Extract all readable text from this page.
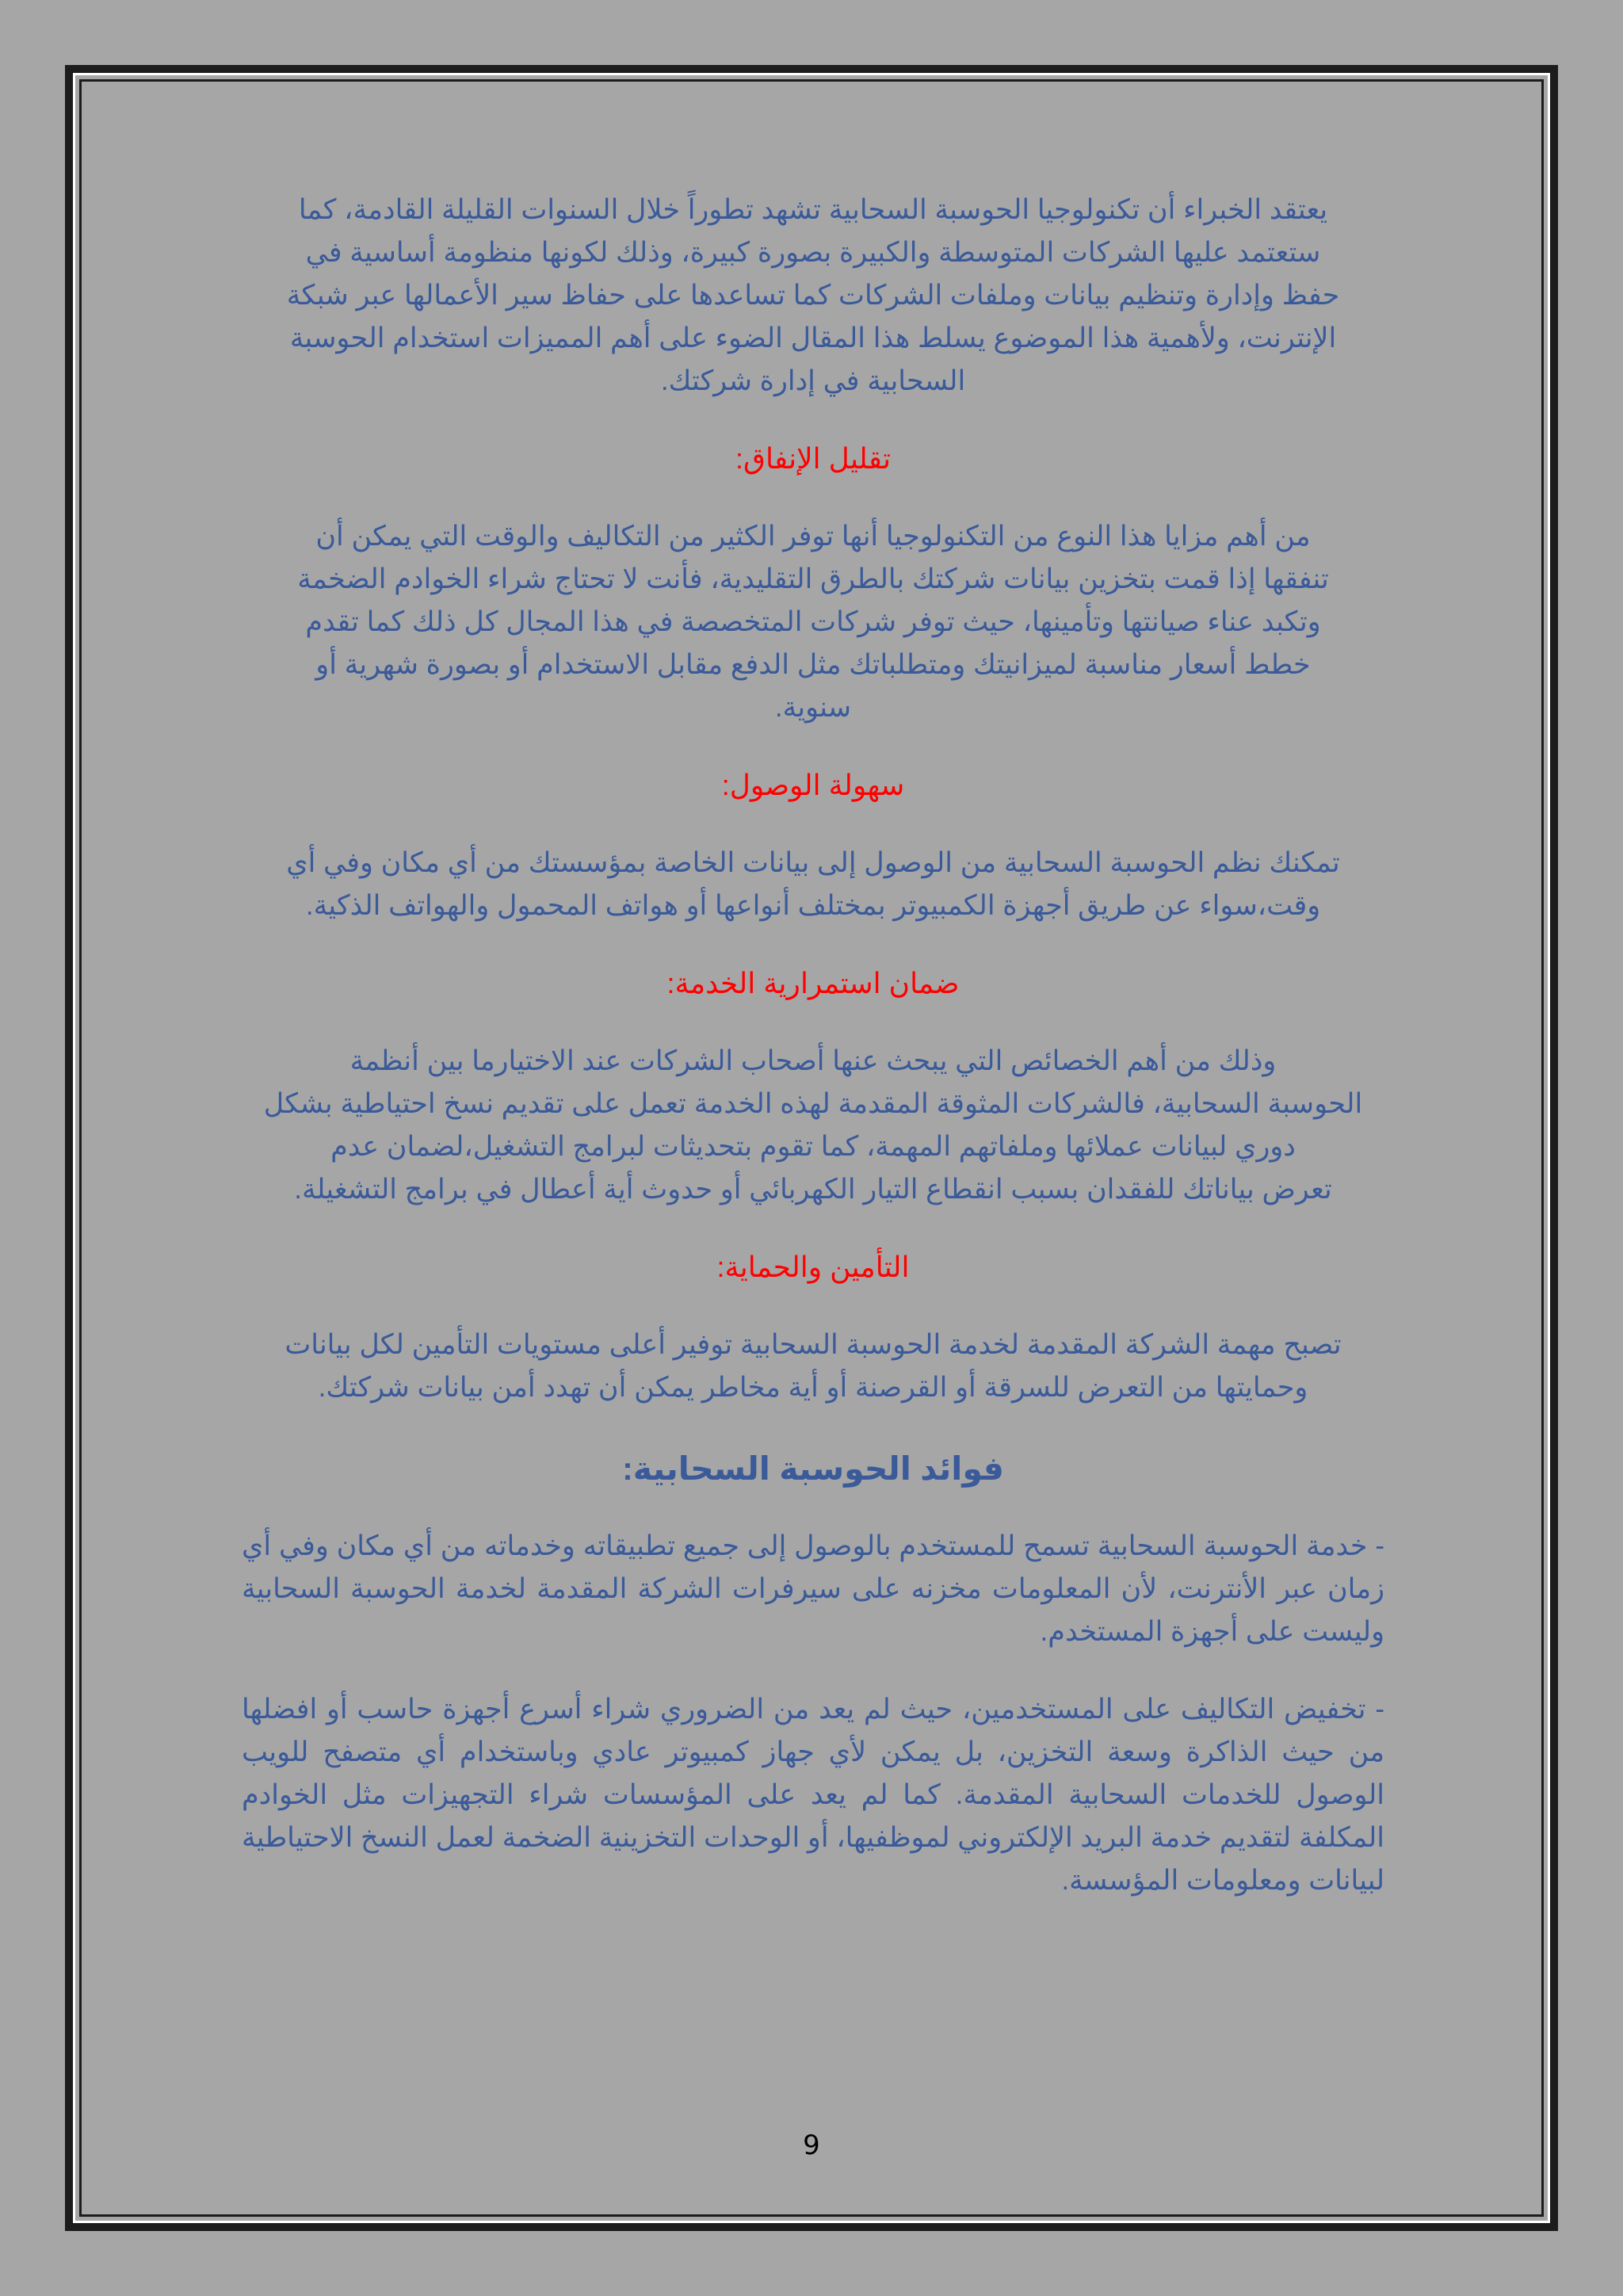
يعتقد الخبراء أن تكنولوجيا الحوسبة السحابية تشهد تطوراً خلال السنوات القليلة القادمة، كما
ستعتمد عليها الشركات المتوسطة والكبيرة بصورة كبيرة، وذلك لكونها منظومة أساسية في
حفظ وإدارة وتنظيم بيانات وملفات الشركات كما تساعدها على حفاظ سير الأعمالها عبر شبكة
الإنترنت، ولأهمية هذا الموضوع يسلط هذا المقال الضوء على أهم المميزات استخدام الحوسبة
السحابية في إدارة شركتك.

تقليل الإنفاق:

من أهم مزايا هذا النوع من التكنولوجيا أنها توفر الكثير من التكاليف والوقت التي يمكن أن
تنفقها إذا قمت بتخزين بيانات شركتك بالطرق التقليدية، فأنت لا تحتاج شراء الخوادم الضخمة
وتكبد عناء صيانتها وتأمينها، حيث توفر شركات المتخصصة في هذا المجال كل ذلك كما تقدم
خطط أسعار مناسبة لميزانيتك ومتطلباتك مثل الدفع مقابل الاستخدام أو بصورة شهرية أو
سنوية.

سهولة الوصول:

تمكنك نظم الحوسبة السحابية من الوصول إلى بيانات الخاصة بمؤسستك من أي مكان وفي أي
وقت،سواء عن طريق أجهزة الكمبيوتر بمختلف أنواعها أو هواتف المحمول والهواتف الذكية.

ضمان استمرارية الخدمة:

وذلك من أهم الخصائص التي يبحث عنها أصحاب الشركات عند الاختيارما بين أنظمة
الحوسبة السحابية، فالشركات المثوقة المقدمة لهذه الخدمة تعمل على تقديم نسخ احتياطية بشكل
دوري لبيانات عملائها وملفاتهم المهمة، كما تقوم بتحديثات لبرامج التشغيل،لضمان عدم
تعرض بياناتك للفقدان بسبب انقطاع التيار الكهربائي أو حدوث أية أعطال في برامج التشغيلة.

التأمين والحماية:

تصبح مهمة الشركة المقدمة لخدمة الحوسبة السحابية توفير أعلى مستويات التأمين لكل بيانات
وحمايتها من التعرض للسرقة أو القرصنة أو أية مخاطر يمكن أن تهدد أمن بيانات شركتك.

فوائد الحوسبة السحابية:

- خدمة الحوسبة السحابية تسمح للمستخدم بالوصول إلى جميع تطبيقاته وخدماته من أي مكان وفي أي زمان عبر الأنترنت، لأن المعلومات مخزنه على سيرفرات الشركة المقدمة لخدمة الحوسبة السحابية وليست على أجهزة المستخدم.

- تخفيض التكاليف على المستخدمين، حيث لم يعد من الضروري شراء أسرع أجهزة حاسب أو افضلها من حيث الذاكرة وسعة التخزين، بل يمكن لأي جهاز كمبيوتر عادي وباستخدام أي متصفح للويب الوصول للخدمات السحابية المقدمة. كما لم يعد على المؤسسات شراء التجهيزات مثل الخوادم المكلفة لتقديم خدمة البريد الإلكتروني لموظفيها، أو الوحدات التخزينية الضخمة لعمل النسخ الاحتياطية لبيانات ومعلومات المؤسسة.

9
